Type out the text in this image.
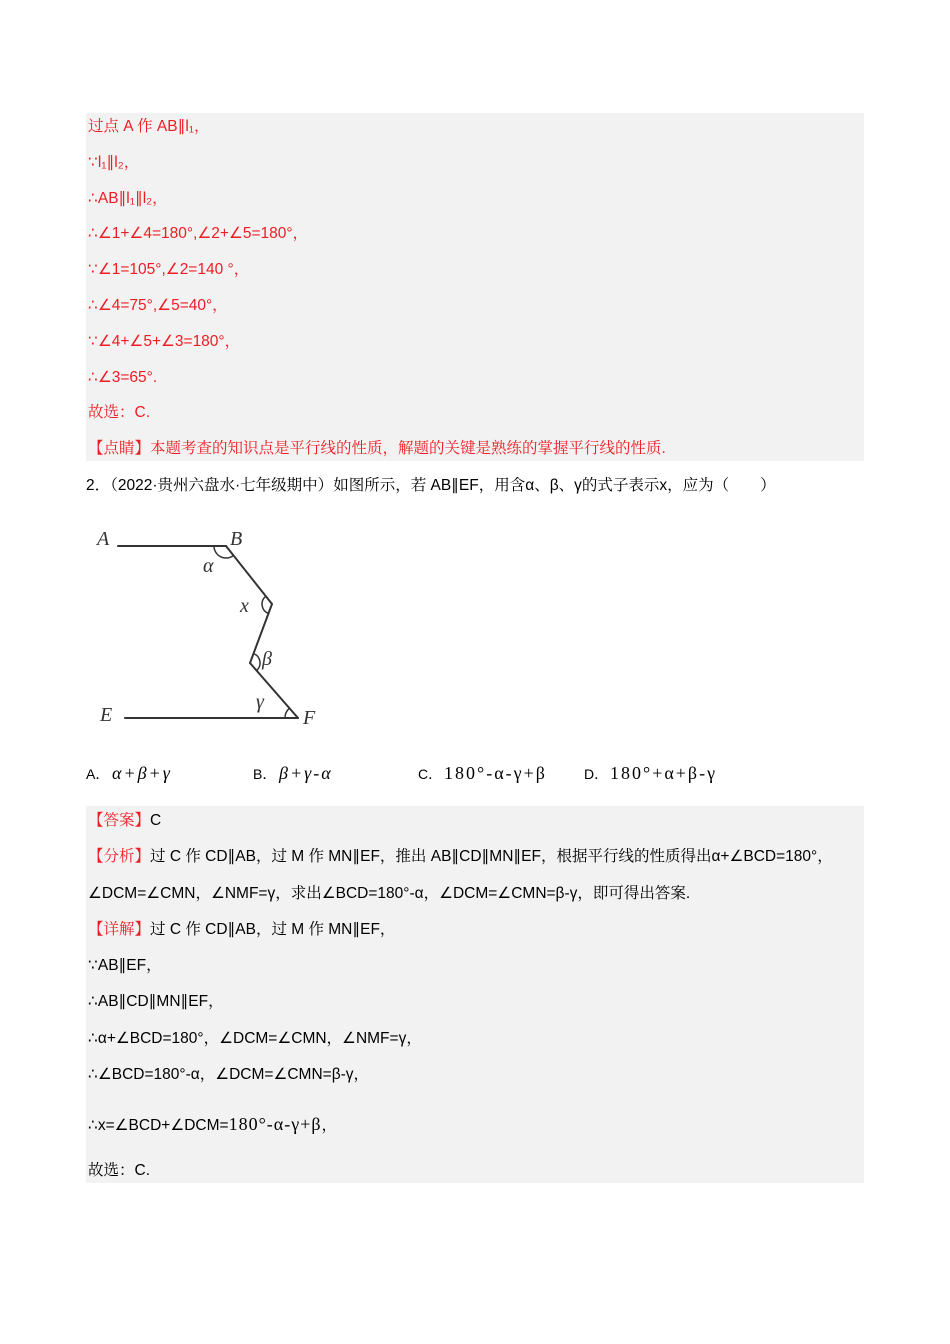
过点 A 作 AB∥l₁，
∵l₁∥l₂，
∴AB∥l₁∥l₂，
∴∠1+∠4=180°,∠2+∠5=180°，
∵∠1=105°,∠2=140 °，
∴∠4=75°,∠5=40°，
∵∠4+∠5+∠3=180°，
∴∠3=65°.
故选：C.
【点睛】本题考查的知识点是平行线的性质，解题的关键是熟练的掌握平行线的性质.
2．（2022·贵州六盘水·七年级期中）如图所示，若 AB∥EF，用含α、β、γ的式子表示x，应为（　　）
A	B
E	F
α
x
β
γ
A． α+β+γ	B． β+γ-α	C． 180°-α-γ+β	D． 180°+α+β-γ
【答案】C
【分析】过 C 作 CD∥AB，过 M 作 MN∥EF，推出 AB∥CD∥MN∥EF，根据平行线的性质得出α+∠BCD=180°，
∠DCM=∠CMN，∠NMF=γ，求出∠BCD=180°-α，∠DCM=∠CMN=β-γ，即可得出答案.
【详解】过 C 作 CD∥AB，过 M 作 MN∥EF，
∵AB∥EF，
∴AB∥CD∥MN∥EF，
∴α+∠BCD=180°，∠DCM=∠CMN，∠NMF=γ，
∴∠BCD=180°-α，∠DCM=∠CMN=β-γ，
∴x=∠BCD+∠DCM=180°-α-γ+β，
故选：C.
